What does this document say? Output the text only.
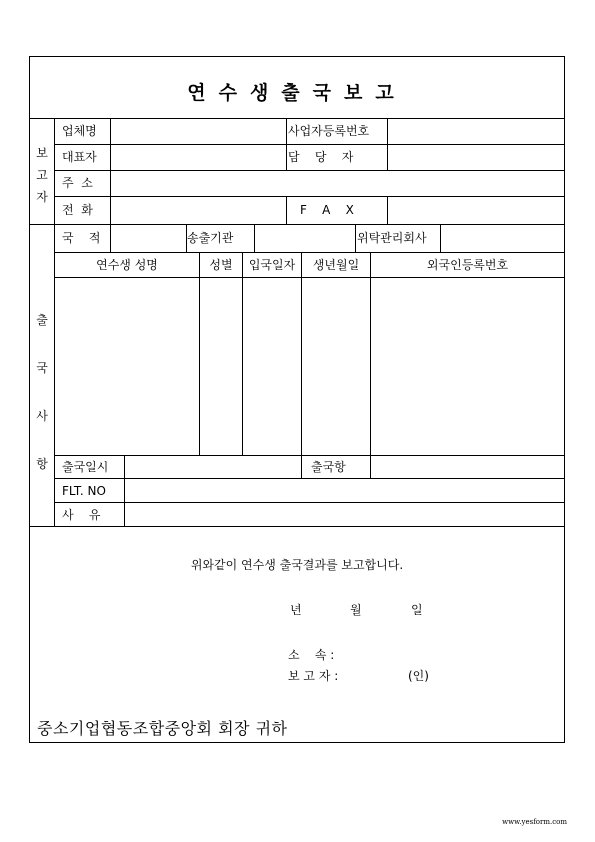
연수생출국보고
보
고
자
업체명	사업자등록번호
대표자	담    당    자
주  소
전  화	F    A    X
출
국
사
항
국    적	송출기관	위탁관리회사
연수생 성명	성별	입국일자	생년월일	외국인등록번호
출국일시	출국항
FLT. NO
사    유
위와같이 연수생 출국결과를 보고합니다.
년	월	일
소    속 :
보 고 자 :	(인)
중소기업협동조합중앙회 회장 귀하
www.yesform.com
